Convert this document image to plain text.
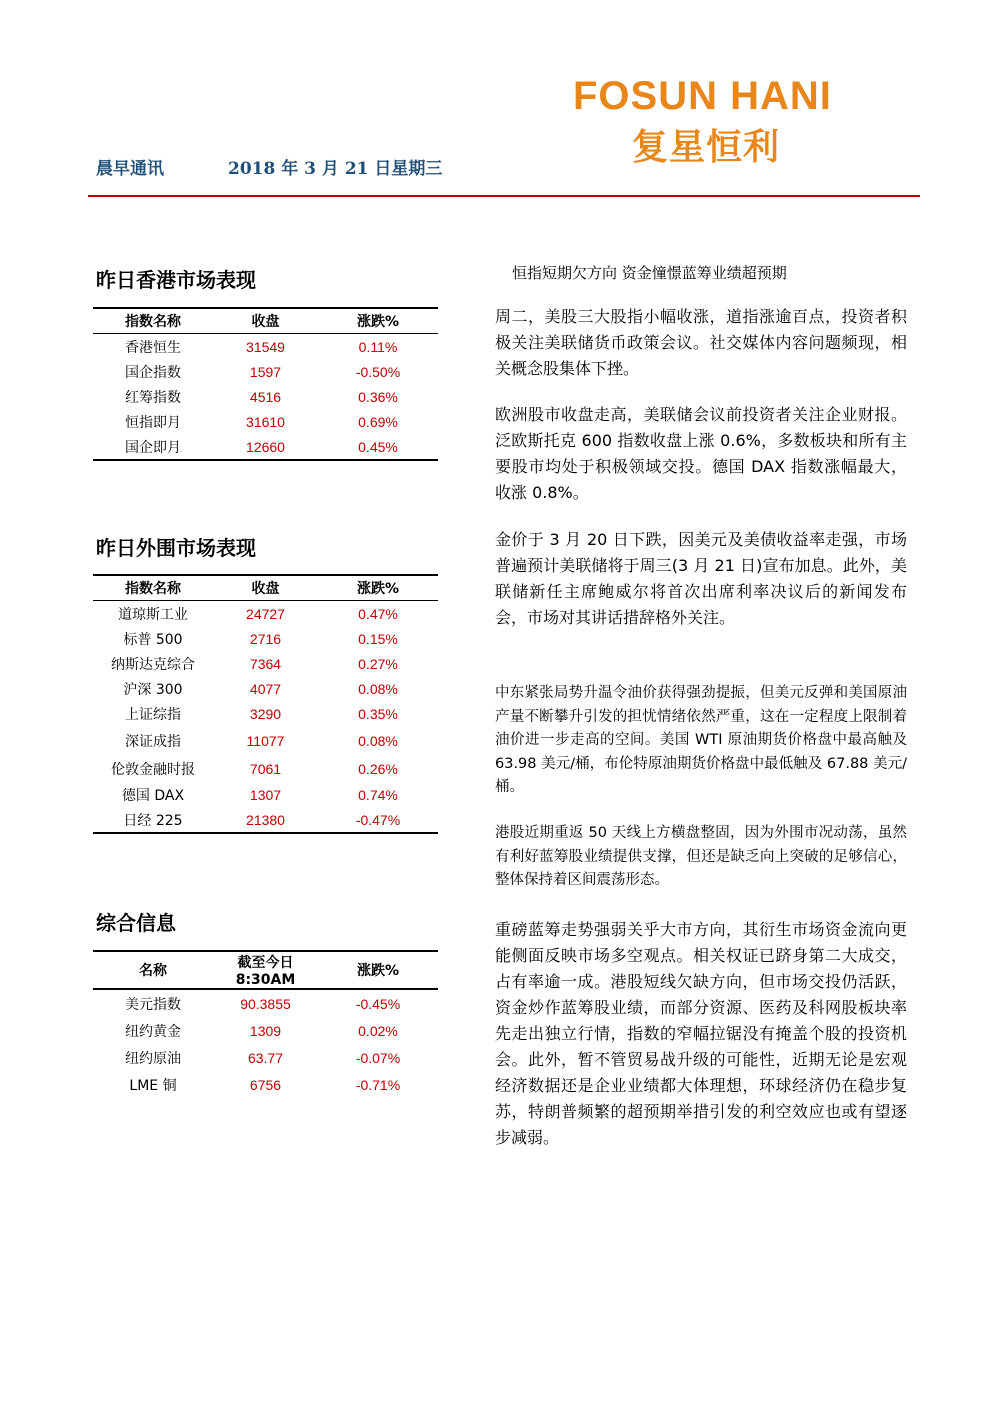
FOSUN HANI
复星恒利
晨早通讯	2018 年 3 月 21 日星期三
昨日香港市场表现
指数名称	收盘	涨跌%
香港恒生	31549	0.11%
国企指数	1597	-0.50%
红筹指数	4516	0.36%
恒指即月	31610	0.69%
国企即月	12660	0.45%
昨日外围市场表现
指数名称	收盘	涨跌%
道琼斯工业	24727	0.47%
标普 500	2716	0.15%
纳斯达克综合	7364	0.27%
沪深 300	4077	0.08%
上证综指	3290	0.35%
深证成指	11077	0.08%
伦敦金融时报	7061	0.26%
德国 DAX	1307	0.74%
日经 225	21380	-0.47%
综合信息
名称	截至今日 8:30AM	涨跌%
美元指数	90.3855	-0.45%
纽约黄金	1309	0.02%
纽约原油	63.77	-0.07%
LME 铜	6756	-0.71%
恒指短期欠方向 资金憧憬蓝筹业绩超预期

周二，美股三大股指小幅收涨，道指涨逾百点，投资者积极关注美联储货币政策会议。社交媒体内容问题频现，相关概念股集体下挫。

欧洲股市收盘走高，美联储会议前投资者关注企业财报。泛欧斯托克 600 指数收盘上涨 0.6%，多数板块和所有主要股市均处于积极领域交投。德国 DAX 指数涨幅最大，收涨 0.8%。

金价于 3 月 20 日下跌，因美元及美债收益率走强，市场普遍预计美联储将于周三(3 月 21 日)宣布加息。此外，美联储新任主席鲍威尔将首次出席利率决议后的新闻发布会，市场对其讲话措辞格外关注。

中东紧张局势升温令油价获得强劲提振，但美元反弹和美国原油产量不断攀升引发的担忧情绪依然严重，这在一定程度上限制着油价进一步走高的空间。美国 WTI 原油期货价格盘中最高触及 63.98 美元/桶，布伦特原油期货价格盘中最低触及 67.88 美元/桶。

港股近期重返 50 天线上方横盘整固，因为外围市况动荡，虽然有利好蓝筹股业绩提供支撑，但还是缺乏向上突破的足够信心，整体保持着区间震荡形态。

重磅蓝筹走势强弱关乎大市方向，其衍生市场资金流向更能侧面反映市场多空观点。相关权证已跻身第二大成交，占有率逾一成。港股短线欠缺方向，但市场交投仍活跃，资金炒作蓝筹股业绩，而部分资源、医药及科网股板块率先走出独立行情，指数的窄幅拉锯没有掩盖个股的投资机会。此外，暂不管贸易战升级的可能性，近期无论是宏观经济数据还是企业业绩都大体理想，环球经济仍在稳步复苏，特朗普频繁的超预期举措引发的利空效应也或有望逐步减弱。
